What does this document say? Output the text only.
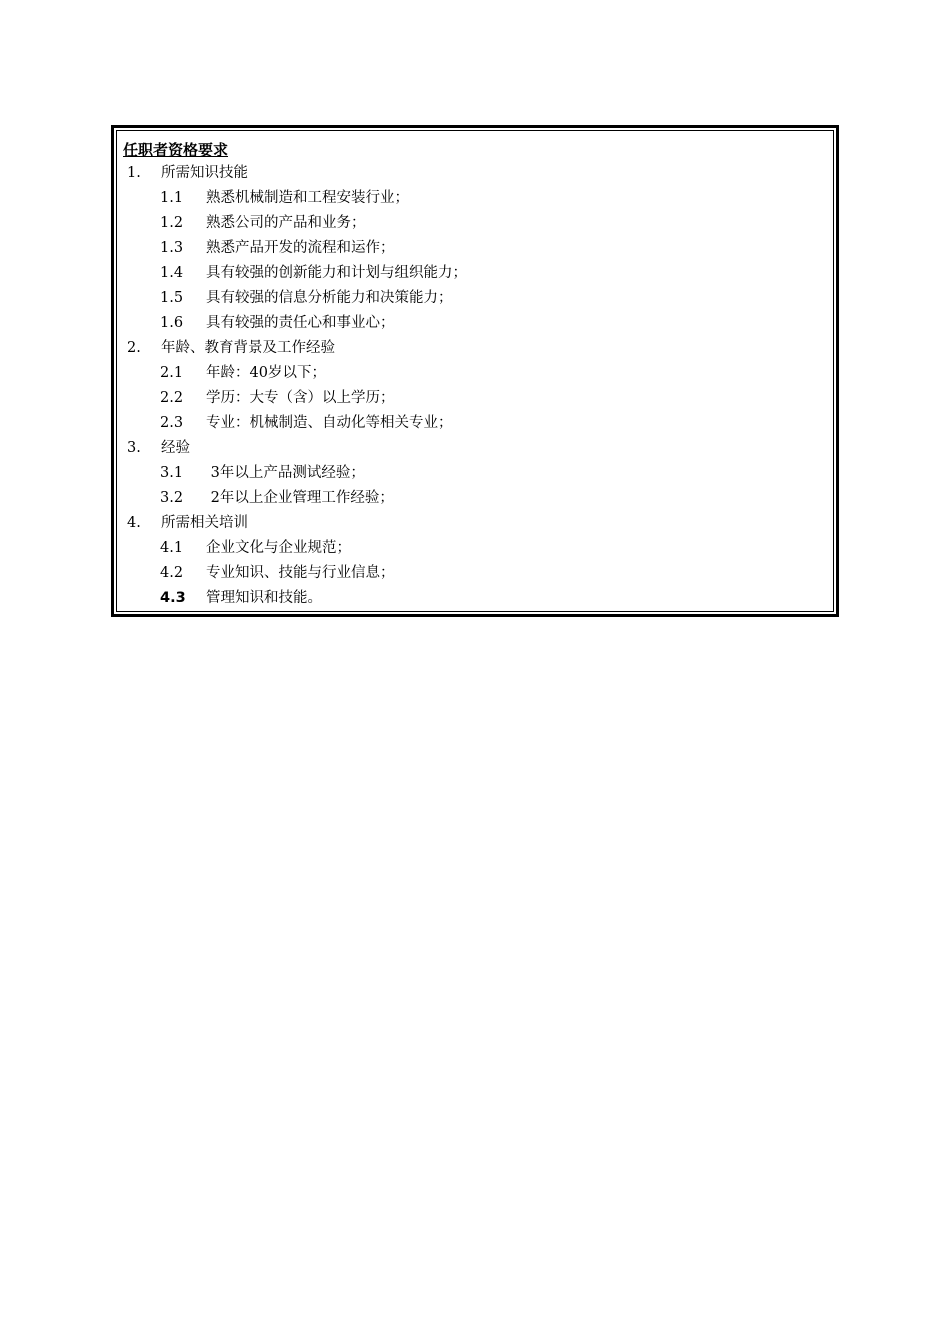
任职者资格要求
1. 所需知识技能
1.1 熟悉机械制造和工程安装行业；
1.2 熟悉公司的产品和业务；
1.3 熟悉产品开发的流程和运作；
1.4 具有较强的创新能力和计划与组织能力；
1.5 具有较强的信息分析能力和决策能力；
1.6 具有较强的责任心和事业心；
2. 年龄、教育背景及工作经验
2.1 年龄：40岁以下；
2.2 学历：大专（含）以上学历；
2.3 专业：机械制造、自动化等相关专业；
3. 经验
3.1 3年以上产品测试经验；
3.2 2年以上企业管理工作经验；
4. 所需相关培训
4.1 企业文化与企业规范；
4.2 专业知识、技能与行业信息；
4.3 管理知识和技能。
